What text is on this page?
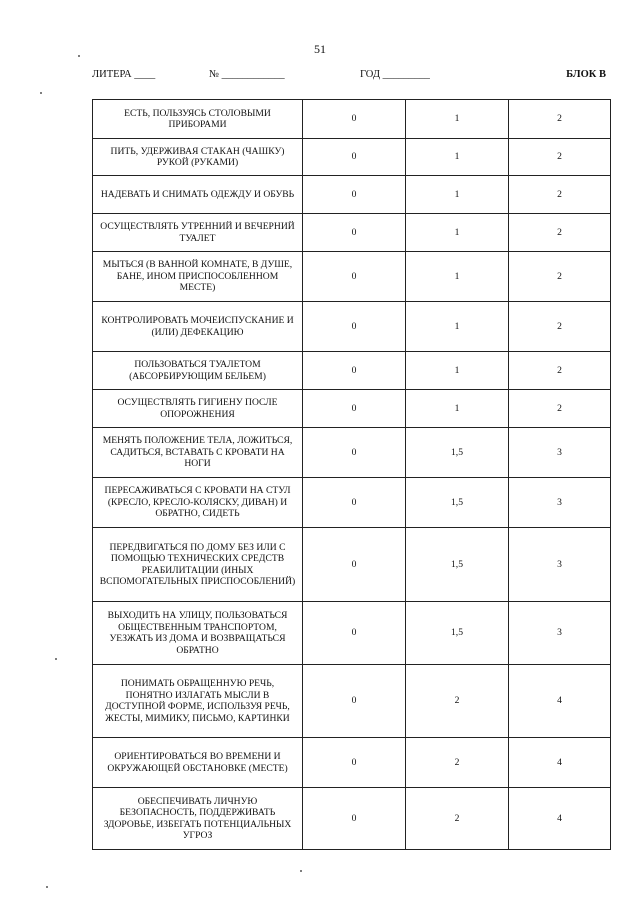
51
ЛИТЕРА ____	№ ____________	ГОД _________	БЛОК В
ЕСТЬ, ПОЛЬЗУЯСЬ СТОЛОВЫМИ ПРИБОРАМИ	0	1	2
ПИТЬ, УДЕРЖИВАЯ СТАКАН (ЧАШКУ) РУКОЙ (РУКАМИ)	0	1	2
НАДЕВАТЬ И СНИМАТЬ ОДЕЖДУ И ОБУВЬ	0	1	2
ОСУЩЕСТВЛЯТЬ УТРЕННИЙ И ВЕЧЕРНИЙ ТУАЛЕТ	0	1	2
МЫТЬСЯ (В ВАННОЙ КОМНАТЕ, В ДУШЕ, БАНЕ, ИНОМ ПРИСПОСОБЛЕННОМ МЕСТЕ)	0	1	2
КОНТРОЛИРОВАТЬ МОЧЕИСПУСКАНИЕ И (ИЛИ) ДЕФЕКАЦИЮ	0	1	2
ПОЛЬЗОВАТЬСЯ ТУАЛЕТОМ (АБСОРБИРУЮЩИМ БЕЛЬЕМ)	0	1	2
ОСУЩЕСТВЛЯТЬ ГИГИЕНУ ПОСЛЕ ОПОРОЖНЕНИЯ	0	1	2
МЕНЯТЬ ПОЛОЖЕНИЕ ТЕЛА, ЛОЖИТЬСЯ, САДИТЬСЯ, ВСТАВАТЬ С КРОВАТИ НА НОГИ	0	1,5	3
ПЕРЕСАЖИВАТЬСЯ С КРОВАТИ НА СТУЛ (КРЕСЛО, КРЕСЛО-КОЛЯСКУ, ДИВАН) И ОБРАТНО, СИДЕТЬ	0	1,5	3
ПЕРЕДВИГАТЬСЯ ПО ДОМУ БЕЗ ИЛИ С ПОМОЩЬЮ ТЕХНИЧЕСКИХ СРЕДСТВ РЕАБИЛИТАЦИИ (ИНЫХ ВСПОМОГАТЕЛЬНЫХ ПРИСПОСОБЛЕНИЙ)	0	1,5	3
ВЫХОДИТЬ НА УЛИЦУ, ПОЛЬЗОВАТЬСЯ ОБЩЕСТВЕННЫМ ТРАНСПОРТОМ, УЕЗЖАТЬ ИЗ ДОМА И ВОЗВРАЩАТЬСЯ ОБРАТНО	0	1,5	3
ПОНИМАТЬ ОБРАЩЕННУЮ РЕЧЬ, ПОНЯТНО ИЗЛАГАТЬ МЫСЛИ В ДОСТУПНОЙ ФОРМЕ, ИСПОЛЬЗУЯ РЕЧЬ, ЖЕСТЫ, МИМИКУ, ПИСЬМО, КАРТИНКИ	0	2	4
ОРИЕНТИРОВАТЬСЯ ВО ВРЕМЕНИ И ОКРУЖАЮЩЕЙ ОБСТАНОВКЕ (МЕСТЕ)	0	2	4
ОБЕСПЕЧИВАТЬ ЛИЧНУЮ БЕЗОПАСНОСТЬ, ПОДДЕРЖИВАТЬ ЗДОРОВЬЕ, ИЗБЕГАТЬ ПОТЕНЦИАЛЬНЫХ УГРОЗ	0	2	4
